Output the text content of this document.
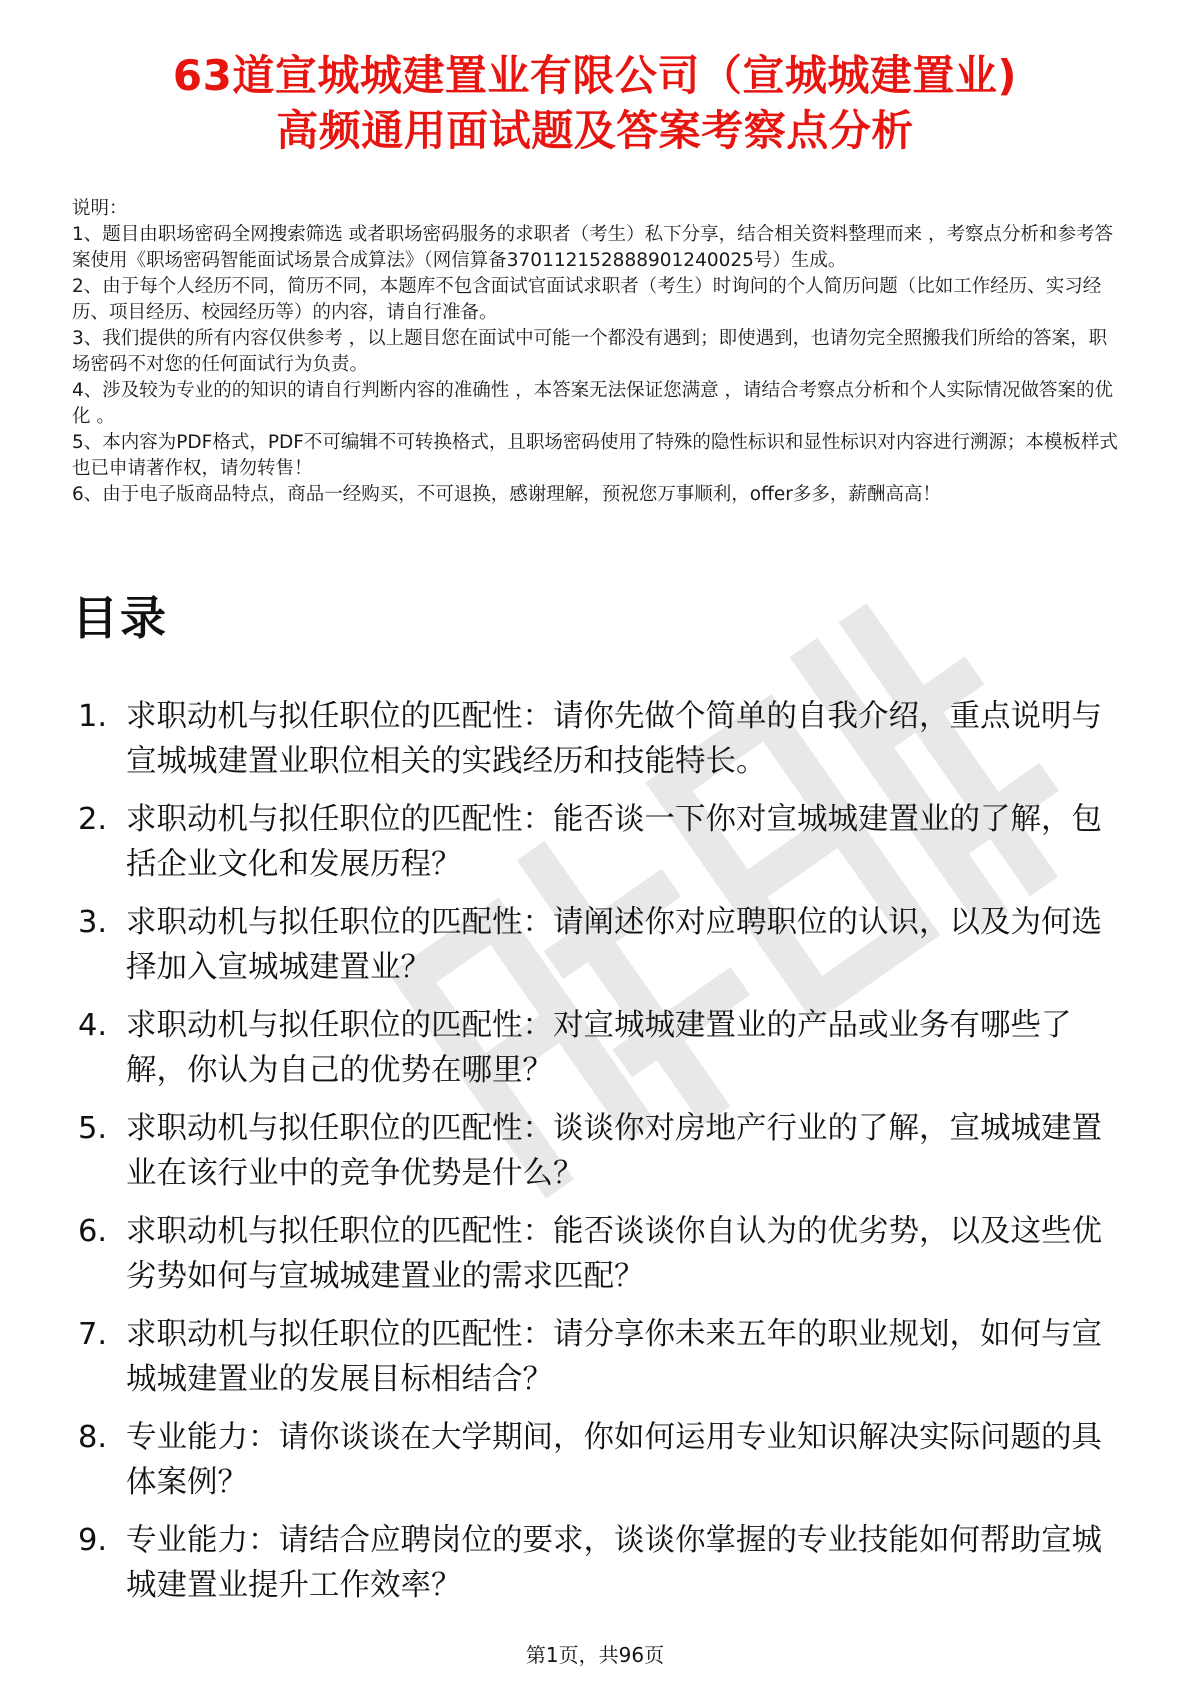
63道宣城城建置业有限公司（宣城城建置业)
高频通用面试题及答案考察点分析

说明：

1、题目由职场密码全网搜索筛选 或者职场密码服务的求职者（考生）私下分享，结合相关资料整理而来 ，考察点分析和参考答案使用《职场密码智能面试场景合成算法》（网信算备370112152888901240025号）生成。

2、由于每个人经历不同，简历不同，本题库不包含面试官面试求职者（考生）时询问的个人简历问题（比如工作经历、实习经历、项目经历、校园经历等）的内容，请自行准备。

3、我们提供的所有内容仅供参考 ，以上题目您在面试中可能一个都没有遇到；即使遇到，也请勿完全照搬我们所给的答案，职场密码不对您的任何面试行为负责。

4、涉及较为专业的的知识的请自行判断内容的准确性 ，本答案无法保证您满意 ，请结合考察点分析和个人实际情况做答案的优化 。

5、本内容为PDF格式，PDF不可编辑不可转换格式，且职场密码使用了特殊的隐性标识和显性标识对内容进行溯源；本模板样式也已申请著作权，请勿转售！

6、由于电子版商品特点，商品一经购买，不可退换，感谢理解，预祝您万事顺利，offer多多，薪酬高高！

目录
1. 求职动机与拟任职位的匹配性：请你先做个简单的自我介绍，重点说明与宣城城建置业职位相关的实践经历和技能特长。
2. 求职动机与拟任职位的匹配性：能否谈一下你对宣城城建置业的了解，包括企业文化和发展历程？
3. 求职动机与拟任职位的匹配性：请阐述你对应聘职位的认识，以及为何选择加入宣城城建置业？
4. 求职动机与拟任职位的匹配性：对宣城城建置业的产品或业务有哪些了解，你认为自己的优势在哪里？
5. 求职动机与拟任职位的匹配性：谈谈你对房地产行业的了解，宣城城建置业在该行业中的竞争优势是什么？
6. 求职动机与拟任职位的匹配性：能否谈谈你自认为的优劣势，以及这些优劣势如何与宣城城建置业的需求匹配？
7. 求职动机与拟任职位的匹配性：请分享你未来五年的职业规划，如何与宣城城建置业的发展目标相结合？
8. 专业能力：请你谈谈在大学期间，你如何运用专业知识解决实际问题的具体案例？
9. 专业能力：请结合应聘岗位的要求，谈谈你掌握的专业技能如何帮助宣城城建置业提升工作效率？
第1页，共96页
